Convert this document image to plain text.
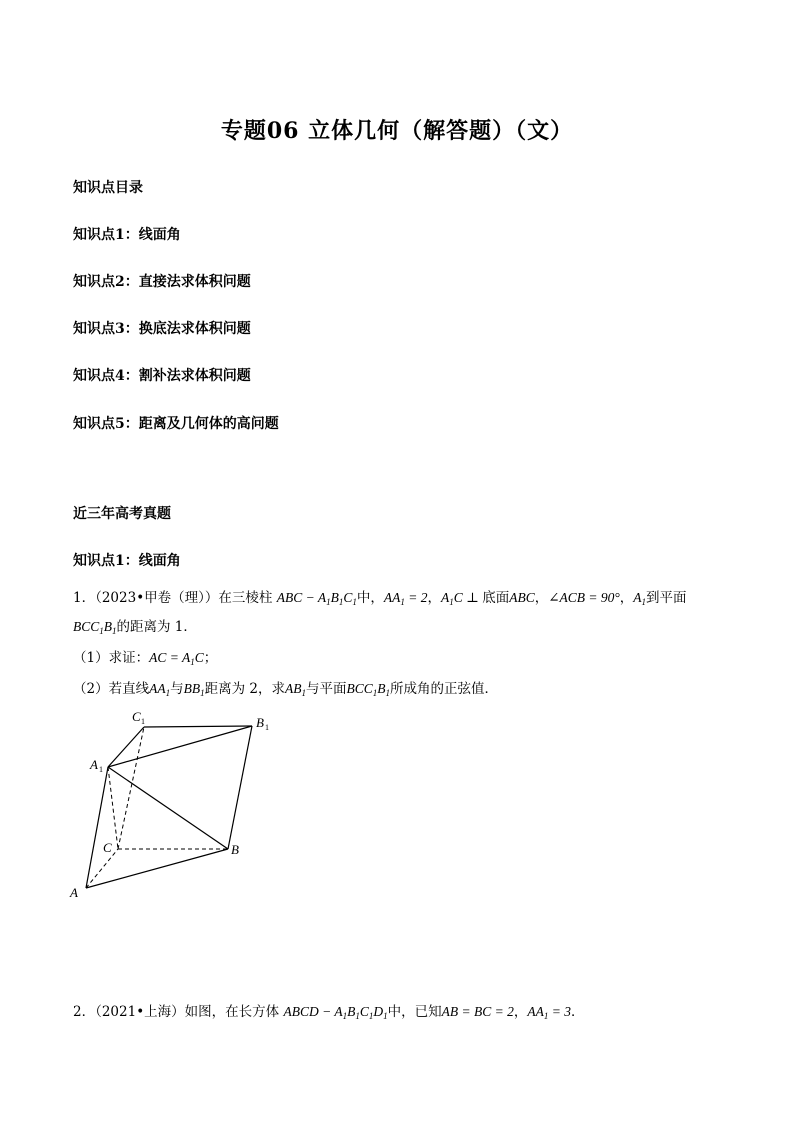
专题06 立体几何（解答题）（文）
知识点目录
知识点1：线面角
知识点2：直接法求体积问题
知识点3：换底法求体积问题
知识点4：割补法求体积问题
知识点5：距离及几何体的高问题
近三年高考真题
知识点1：线面角
1．（2023•甲卷（理））在三棱柱 ABC − $A_1B_1C_1$中，$AA_1 = 2$，$A_1C$ ⊥ 底面ABC，∠ACB = 90°，$A_1$到平面
$BCC_1B_1$的距离为 1．
（1）求证：AC = $A_1C$；
（2）若直线$AA_1$与$BB_1$距离为 2，求$AB_1$与平面$BCC_1B_1$所成角的正弦值．
A
B
C
A 1
B 1
C 1
2．（2021•上海）如图，在长方体 ABCD − $A_1B_1C_1D_1$中，已知AB = BC = 2，$AA_1 = 3$．
